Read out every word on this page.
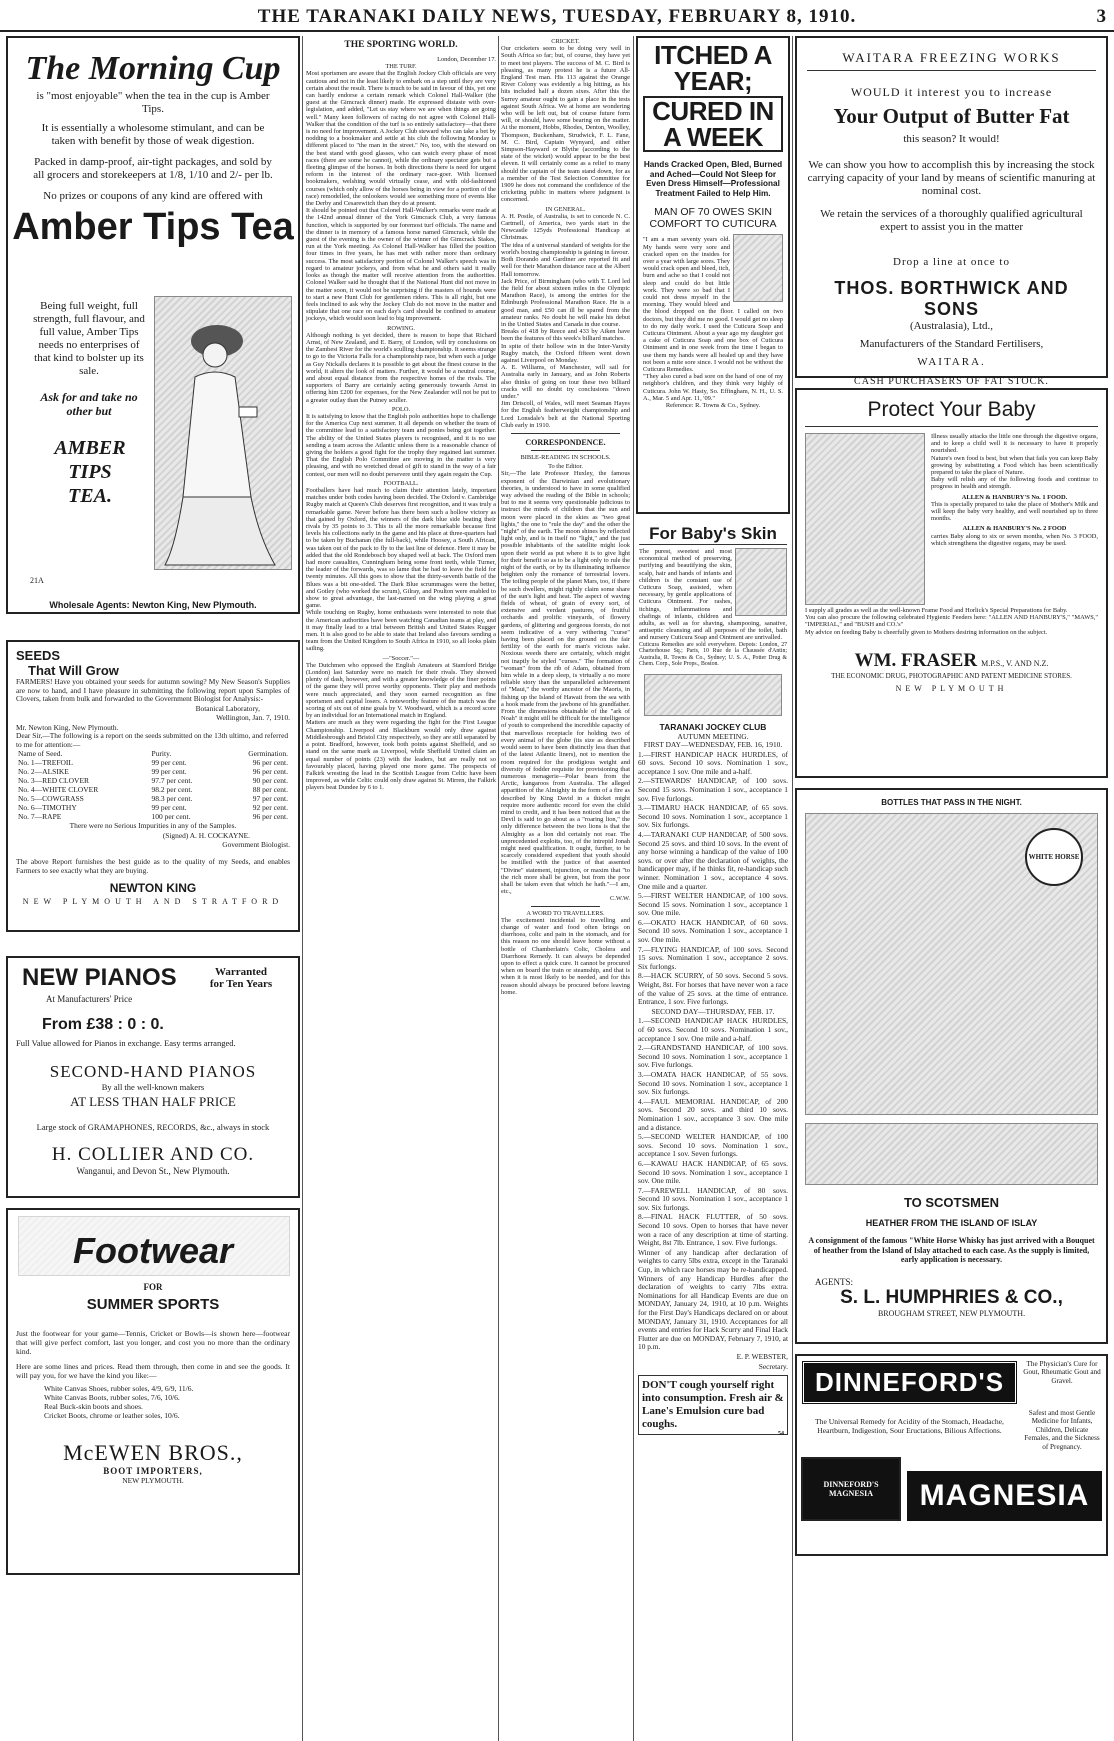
THE TARANAKI DAILY NEWS, TUESDAY, FEBRUARY 8, 1910.	3
The Morning Cup
is "most enjoyable" when the tea in the cup is Amber Tips.
It is essentially a wholesome stimulant, and can be taken with benefit by those of weak digestion.
Packed in damp-proof, air-tight packages, and sold by all grocers and storekeepers at 1/8, 1/10 and 2/- per lb.
No prizes or coupons of any kind are offered with
Amber Tips Tea
Being full weight, full strength, full flavour, and full value, Amber Tips needs no enterprises of that kind to bolster up its sale.
Ask for and take no other but
AMBER
TIPS
TEA.
21A
Wholesale Agents: Newton King, New Plymouth.
SEEDS
That Will Grow
FARMERS! Have you obtained your seeds for autumn sowing? My New Season's Supplies are now to hand, and I have pleasure in submitting the following report upon Samples of Clovers, taken from bulk and forwarded to the Government Biologist for Analysis:-
Botanical Laboratory,
Wellington, Jan. 7, 1910.
Mr. Newton King, New Plymouth.
Dear Sir,—The following is a report on the seeds submitted on the 13th ultimo, and referred to me for attention:—
Name of Seed.	Purity.	Germination.
No. 1—TREFOIL	99 per cent.	96 per cent.
No. 2—ALSIKE	99 per cent.	96 per cent.
No. 3—RED CLOVER	97.7 per cent.	90 per cent.
No. 4—WHITE CLOVER	98.2 per cent.	88 per cent.
No. 5—COWGRASS	98.3 per cent.	97 per cent.
No. 6—TIMOTHY	99 per cent.	92 per cent.
No. 7—RAPE	100 per cent.	96 per cent.
There were no Serious Impurities in any of the Samples.
(Signed) A. H. COCKAYNE.
Government Biologist.
The above Report furnishes the best guide as to the quality of my Seeds, and enables Farmers to see exactly what they are buying.
NEWTON KING
NEW PLYMOUTH AND STRATFORD
NEW PIANOS	Warranted
for Ten Years
At Manufacturers' Price
From £38 : 0 : 0.
Full Value allowed for Pianos in exchange. Easy terms arranged.
SECOND-HAND PIANOS
By all the well-known makers
AT LESS THAN HALF PRICE
Large stock of GRAMAPHONES, RECORDS, &c., always in stock
H. COLLIER AND CO.
Wanganui, and Devon St., New Plymouth.
Footwear
FOR
SUMMER SPORTS
Just the footwear for your game—Tennis, Cricket or Bowls—is shown here—footwear that will give perfect comfort, last you longer, and cost you no more than the ordinary kind.
Here are some lines and prices. Read them through, then come in and see the goods. It will pay you, for we have the kind you like:—
White Canvas Shoes, rubber soles, 4/9, 6/9, 11/6.
White Canvas Boots, rubber soles, 7/6, 10/6.
Real Buck-skin boots and shoes.
Cricket Boots, chrome or leather soles, 10/6.
McEWEN BROS.,
BOOT IMPORTERS,
NEW PLYMOUTH.
THE SPORTING WORLD.
London, December 17.
THE TURF.

Most sportsmen are aware that the English Jockey Club officials are very cautious and not in the least likely to embark on a step until they are very certain about the result. There is much to be said in favour of this, yet one can hardly endorse a certain remark which Colonel Hall-Walker (the guest at the Gimcrack dinner) made. He expressed distaste with over-legislation, and added, "Let us stay where we are when things are going well." Many keen followers of racing do not agree with Colonel Hall-Walker that the condition of the turf is so entirely satisfactory—that there is no need for improvement. A Jockey Club steward who can take a bet by nodding to a bookmaker and settle at his club the following Monday is different placed to "the man in the street." No, too, with the steward on the best stand with good glasses, who can watch every phase of most races (there are some he cannot), while the ordinary spectator gets but a fleeting glimpse of the horses. In both directions there is need for urgent reform in the interest of the ordinary race-goer. With licensed bookmakers, welshing would virtually cease, and with old-fashioned courses (which only allow of the horses being in view for a portion of the race) remodelled, the onlookers would see something more of events like the Derby and Cesarewitch than they do at present.

It should be pointed out that Colonel Hall-Walker's remarks were made at the 142nd annual dinner of the York Gimcrack Club, a very famous function, which is supported by our foremost turf officials. The name and the dinner is in memory of a famous horse named Gimcrack, while the guest of the evening is the owner of the winner of the Gimcrack Stakes, run at the York meeting. As Colonel Hall-Walker has filled the position four times in five years, he has met with rather more than ordinary success. The most satisfactory portion of Colonel Walker's speech was in regard to amateur jockeys, and from what he and others said it really looks as though the matter will receive attention from the authorities. Colonel Walker said he thought that if the National Hunt did not move in the matter soon, it would not be surprising if the masters of hounds were to start a new Hunt Club for gentlemen riders. This is all right, but one feels inclined to ask why the Jockey Club do not move in the matter and stipulate that one race on each day's card should be confined to amateur jockeys, which would soon lead to big improvement.

ROWING.

Although nothing is yet decided, there is reason to hope that Richard Arnst, of New Zealand, and E. Barry, of London, will try conclusions on the Zambesi River for the world's sculling championship. It seems strange to go to the Victoria Falls for a championship race, but when such a judge as Guy Nickalls declares it is possible to get about the finest course in the world, it alters the look of matters. Further, it would be a neutral course, and about equal distance from the respective homes of the rivals. The supporters of Barry are certainly acting generously towards Arnst in offering him £200 for expenses, for the New Zealander will not be put to a greater outlay than the Putney sculler.

POLO.

It is satisfying to know that the English polo authorities hope to challenge for the America Cup next summer. It all depends on whether the team of the committee lead to a satisfactory team and ponies being got together. The ability of the United States players is recognised, and it is no use sending a team across the Atlantic unless there is a reasonable chance of giving the holders a good fight for the trophy they regained last summer. That the English Polo Committee are moving in the matter is very pleasing, and with no wretched dread of gift to stand in the way of a fair contest, our men will no doubt persevere until they again regain the Cup.

FOOTBALL.

Footballers have had much to claim their attention lately, important matches under both codes having been decided. The Oxford v. Cambridge Rugby match at Queen's Club deserves first recognition, and it was truly a remarkable game. Never before has there been such a hollow victory as that gained by Oxford, the winners of the dark blue side beating their rivals by 35 points to 3. This is all the more remarkable because first levels his collections early in the game and his place at three-quarters had to be taken by Buchanan (the full-back), while Hoosey, a South African, was taken out of the pack to fly to the last line of defence. Here it may be added that the old Rondebosch boy shaped well at back. The Oxford men had more casualties, Cunningham being some front teeth, while Turner, the leader of the forwards, was so lame that he had to leave the field for twenty minutes. All this goes to show that the thirty-seventh battle of the Blues was a bit one-sided. The Dark Blue scrummages were the better, and Gotley (who worked the scrum), Gilray, and Poulton were enabled to show to great advantage, the last-named on the wing playing a great game.

While touching on Rugby, home enthusiasts were interested to note that the American authorities have been watching Canadian teams at play, and it may finally lead to a trial between British and United States Rugger men. It is also good to be able to state that Ireland also favours sending a team from the United Kingdom to South Africa in 1910, so all looks plain sailing.

—"Soccer."—

The Dutchmen who opposed the English Amateurs at Stamford Bridge (London) last Saturday were no match for their rivals. They showed plenty of dash, however, and with a greater knowledge of the finer points of the game they will prove worthy opponents. Their play and methods were much appreciated, and they soon earned recognition as fine sportsmen and capital losers. A noteworthy feature of the match was the scoring of six out of nine goals by V. Woodward, which is a record score by an individual for an International match in England.

Matters are much as they were regarding the fight for the First League Championship. Liverpool and Blackburn would only draw against Middlesbrough and Bristol City respectively, so they are still separated by a point. Bradford, however, took both points against Sheffield, and so stand on the same mark as Liverpool, while Sheffield United claim an equal number of points (23) with the leaders, but are really not so favourably placed, having played one more game. The prospects of Falkirk wresting the lead in the Scottish League from Celtic have been improved, as while Celtic could only draw against St. Mirren, the Falkirk players beat Dundee by 6 to 1.

CRICKET.

Our cricketers seem to be doing very well in South Africa so far; but, of course, they have yet to meet test players. The success of M. C. Bird is pleasing, as many protest he is a future All-England Test man. His 113 against the Orange River Colony was evidently a big hitting, as his hits included half a dozen sixes. After this the Surrey amateur ought to gain a place in the tests against South Africa. We at home are wondering who will be left out, but of course future form will, or should, have some bearing on the matter. At the moment, Hobbs, Rhodes, Denton, Woolley, Thompson, Buckenham, Strudwick, F. L. Fane, M. C. Bird, Captain Wynyard, and either Simpson-Hayward or Blythe (according to the state of the wicket) would appear to be the best eleven. It will certainly come as a relief to many should the captain of the team stand down, for as a member of the Test Selection Committee for 1909 he does not command the confidence of the cricketing public in matters where judgment is concerned.

IN GENERAL.

A. H. Postle, of Australia, is set to concede N. C. Cartmell, of America, two yards start in the Newcastle 125yds Professional Handicap at Christmas.

The idea of a universal standard of weights for the world's boxing championship is gaining in favour.

Both Dorando and Gardiner are reported fit and well for their Marathon distance race at the Albert Hall tomorrow.

Jack Price, of Birmingham (who with T. Lord led the field for about sixteen miles in the Olympic Marathon Race), is among the entries for the Edinburgh Professional Marathon Race. He is a good man, and £50 can ill be spared from the amateur ranks. No doubt he will make his debut in the United States and Canada in due course.

Breaks of 418 by Reece and 433 by Aiken have been the features of this week's billiard matches.

In spite of their hollow win in the Inter-Varsity Rugby match, the Oxford fifteen went down against Liverpool on Monday.

A. E. Williams, of Manchester, will sail for Australia early in January, and as John Roberts also thinks of going on tour these two billiard cracks will no doubt try conclusions "down under."

Jim Driscoll, of Wales, will meet Seaman Hayes for the English featherweight championship and Lord Lonsdale's belt at the National Sporting Club early in 1910.

CORRESPONDENCE.
BIBLE-READING IN SCHOOLS.
To the Editor.

Sir,—The late Professor Huxley, the famous exponent of the Darwinian and evolutionary theories, is understood to have in some qualified way advised the reading of the Bible in schools; but to me it seems very questionable judicious to instruct the minds of children that the sun and moon were placed in the skies as "two great lights," the one to "rule the day" and the other the "night" of the earth. The moon shines by reflected light only, and is in itself no "light," and the just possible inhabitants of the satellite might look upon their world as put where it is to give light for their benefit so as to be a light only to rule the night of the earth, or by its illuminating influence heighten only the romance of terrestrial lovers. The toiling people of the planet Mars, too, if there be such dwellers, might rightly claim some share of the sun's light and heat. The aspect of waving fields of wheat, of grain of every sort, of extensive and verdant pastures, of fruitful orchards and prolific vineyards, of flowery gardens, of glittering and gorgeous forests, do not seem indicative of a very withering "curse" having been placed on the ground on the fair fertility of the earth for man's vicious sake. Noxious weeds there are certainly, which might not inaptly be styled "curses." The formation of "woman" from the rib of Adam, obtained from him while in a deep sleep, is virtually a no more reliable story than the unparalleled achievement of "Maui," the worthy ancestor of the Maoris, in fishing up the Island of Hawaii from the sea with a hook made from the jawbone of his grandfather. From the dimensions obtainable of the "ark of Noah" it might still be difficult for the intelligence of youth to comprehend the incredible capacity of that marvellous receptacle for holding two of every animal of the globe (its size as described would seem to have been distinctly less than that of the latest Atlantic liners), not to mention the room required for the prodigious weight and diversity of fodder requisite for provisioning that numerous menagerie—Polar bears from the Arctic, kangaroos from Australia. The alleged apparition of the Almighty in the form of a fire as described by King David in a thicket might require more authentic record for even the child mind to credit, and it has been noticed that as the Devil is said to go about as a "roaring lion," the only difference between the two lions is that the Almighty as a lion did certainly not roar. The unprecedented exploits, too, of the intrepid Jonah might need qualification. It ought, further, to be scarcely considered expedient that youth should be instilled with the justice of that assented "Divine" statement, injunction, or maxim that "to the rich more shall be given, but from the poor shall be taken even that which he hath."—I am, etc.,

C.W.W.
A WORD TO TRAVELLERS.

The excitement incidental to travelling and change of water and food often brings on diarrhoea, colic and pain in the stomach, and for this reason no one should leave home without a bottle of Chamberlain's Colic, Cholera and Diarrhoea Remedy. It can always be depended upon to effect a quick cure. It cannot be procured when on board the train or steamship, and that is when it is most likely to be needed, and for this reason should always be procured before leaving home.

ITCHED A YEAR;
CURED IN A WEEK
Hands Cracked Open, Bled, Burned and Ached—Could Not Sleep for Even Dress Himself—Professional Treatment Failed to Help Him.
MAN OF 70 OWES SKIN COMFORT TO CUTICURA

"I am a man seventy years old. My hands were very sore and cracked open on the insides for over a year with large sores. They would crack open and bleed, itch, burn and ache so that I could not sleep and could do but little work. They were so bad that I could not dress myself in the morning. They would bleed and the blood dropped on the floor. I called on two doctors, but they did me no good. I would get no sleep to do my daily work. I used the Cuticura Soap and Cuticura Ointment. About a year ago my daughter got a cake of Cuticura Soap and one box of Cuticura Ointment and in one week from the time I began to use them my hands were all healed up and they have not been a mite sore since. I would not be without the Cuticura Remedies.

"They also cured a bad sore on the hand of one of my neighbor's children, and they think very highly of Cuticura. John W. Hasty, So. Effingham, N. H., U. S. A., Mar. 5 and Apr. 11, '09."

Reference: R. Towns & Co., Sydney.
For Baby's Skin

The purest, sweetest and most economical method of preserving, purifying and beautifying the skin, scalp, hair and hands of infants and children is the constant use of Cuticura Soap, assisted, when necessary, by gentle applications of Cuticura Ointment. For rashes, itchings, inflammations and chafings of infants, children and adults, as well as for shaving, shampooing, sanative, antiseptic cleansing and all purposes of the toilet, bath and nursery Cuticura Soap and Ointment are unrivalled.

Cuticura Remedies are sold everywhere. Depots: London, 27 Charterhouse Sq.; Paris, 10 Rue de la Chaussée d'Antin; Australia, R. Towns & Co., Sydney; U. S. A., Potter Drug & Chem. Corp., Sole Props., Boston.

TARANAKI JOCKEY CLUB
AUTUMN MEETING.
FIRST DAY—WEDNESDAY, FEB. 16, 1910.
1.—FIRST HANDICAP HACK HURDLES, of 60 sovs. Second 10 sovs. Nomination 1 sov., acceptance 1 sov. One mile and a-half.
2.—STEWARDS' HANDICAP, of 100 sovs. Second 15 sovs. Nomination 1 sov., acceptance 1 sov. Five furlongs.
3.—TIMARU HACK HANDICAP, of 65 sovs. Second 10 sovs. Nomination 1 sov., acceptance 1 sov. Six furlongs.
4.—TARANAKI CUP HANDICAP, of 500 sovs. Second 25 sovs. and third 10 sovs. In the event of any horse winning a handicap of the value of 100 sovs. or over after the declaration of weights, the handicapper may, if he thinks fit, re-handicap such winner. Nomination 1 sov., acceptance 4 sovs. One mile and a quarter.
5.—FIRST WELTER HANDICAP, of 100 sovs. Second 15 sovs. Nomination 1 sov., acceptance 1 sov. One mile.
6.—OKATO HACK HANDICAP, of 60 sovs. Second 10 sovs. Nomination 1 sov., acceptance 1 sov. One mile.
7.—FLYING HANDICAP, of 100 sovs. Second 15 sovs. Nomination 1 sov., acceptance 2 sovs. Six furlongs.
8.—HACK SCURRY, of 50 sovs. Second 5 sovs. Weight, 8st. For horses that have never won a race of the value of 25 sovs. at the time of entrance. Entrance, 1 sov. Five furlongs.
SECOND DAY—THURSDAY, FEB. 17.
1.—SECOND HANDICAP HACK HURDLES, of 60 sovs. Second 10 sovs. Nomination 1 sov., acceptance 1 sov. One mile and a-half.
2.—GRANDSTAND HANDICAP, of 100 sovs. Second 10 sovs. Nomination 1 sov., acceptance 1 sov. Five furlongs.
3.—OMATA HACK HANDICAP, of 55 sovs. Second 10 sovs. Nomination 1 sov., acceptance 1 sov. Six furlongs.
4.—FAUL MEMORIAL HANDICAP, of 200 sovs. Second 20 sovs. and third 10 sovs. Nomination 1 sov., acceptance 3 sov. One mile and a distance.
5.—SECOND WELTER HANDICAP, of 100 sovs. Second 10 sovs. Nomination 1 sov., acceptance 1 sov. Seven furlongs.
6.—KAWAU HACK HANDICAP, of 65 sovs. Second 10 sovs. Nomination 1 sov., acceptance 1 sov. One mile.
7.—FAREWELL HANDICAP, of 80 sovs. Second 10 sovs. Nomination 1 sov., acceptance 1 sov. Six furlongs.
8.—FINAL HACK FLUTTER, of 50 sovs. Second 10 sovs. Open to horses that have never won a race of any description at time of starting. Weight, 8st 7lb. Entrance, 1 sov. Five furlongs.
Winner of any handicap after declaration of weights to carry 5lbs extra, except in the Taranaki Cup, in which race horses may be re-handicapped. Winners of any Handicap Hurdles after the declaration of weights to carry 7lbs extra. Nominations for all Handicap Events are due on MONDAY, January 24, 1910, at 10 p.m. Weights for the First Day's Handicaps declared on or about MONDAY, January 31, 1910. Acceptances for all events and entries for Hack Scurry and Final Hack Flutter are due on MONDAY, February 7, 1910, at 10 p.m.
E. P. WEBSTER,
Secretary.
DON'T cough yourself right into consumption. Fresh air & Lane's Emulsion cure bad coughs.
54
WAITARA FREEZING WORKS
WOULD it interest you to increase
Your Output of Butter Fat
this season? It would!
We can show you how to accomplish this by increasing the stock carrying capacity of your land by means of scientific manuring at nominal cost.
We retain the services of a thoroughly qualified agricultural expert to assist you in the matter
Drop a line at once to
THOS. BORTHWICK AND SONS
(Australasia), Ltd.,
Manufacturers of the Standard Fertilisers,
WAITARA.
CASH PURCHASERS OF FAT STOCK.
Protect Your Baby

Illness usually attacks the little one through the digestive organs, and to keep a child well it is necessary to have it properly nourished.

Nature's own food is best, but when that fails you can keep Baby growing by substituting a Food which has been scientifically prepared to take the place of Nature.

Baby will relish any of the following foods and continue to progress in health and strength.

ALLEN & HANBURY'S No. 1 FOOD.

This is specially prepared to take the place of Mother's Milk and will keep the baby very healthy, and well nourished up to three months.

ALLEN & HANBURY'S No. 2 FOOD

carries Baby along to six or seven months, when No. 3 FOOD, which strengthens the digestive organs, may be used.

I supply all grades as well as the well-known Frame Food and Horlick's Special Preparations for Baby.

You can also procure the following celebrated Hygienic Feeders here: "ALLEN AND HANBURY'S," "MAWS," "IMPERIAL," and "BUSH and CO.'s"

My advice on feeding Baby is cheerfully given to Mothers desiring information on the subject.

WM. FRASER M.P.S., V. AND N.Z.
THE ECONOMIC DRUG, PHOTOGRAPHIC AND PATENT MEDICINE STORES.
NEW PLYMOUTH
BOTTLES THAT PASS IN THE NIGHT.
WHITE HORSE
TO SCOTSMEN
HEATHER FROM THE ISLAND OF ISLAY

A consignment of the famous "White Horse Whisky has just arrived with a Bouquet of heather from the Island of Islay attached to each case. As the supply is limited, early application is necessary.

AGENTS:
S. L. HUMPHRIES & CO.,
BROUGHAM STREET, NEW PLYMOUTH.
DINNEFORD'S
The Physician's Cure for Gout, Rheumatic Gout and Gravel.
The Universal Remedy for Acidity of the Stomach, Headache, Heartburn, Indigestion, Sour Eructations, Bilious Affections.
Safest and most Gentle Medicine for Infants, Children, Delicate Females, and the Sickness of Pregnancy.
DINNEFORD'S MAGNESIA	MAGNESIA
